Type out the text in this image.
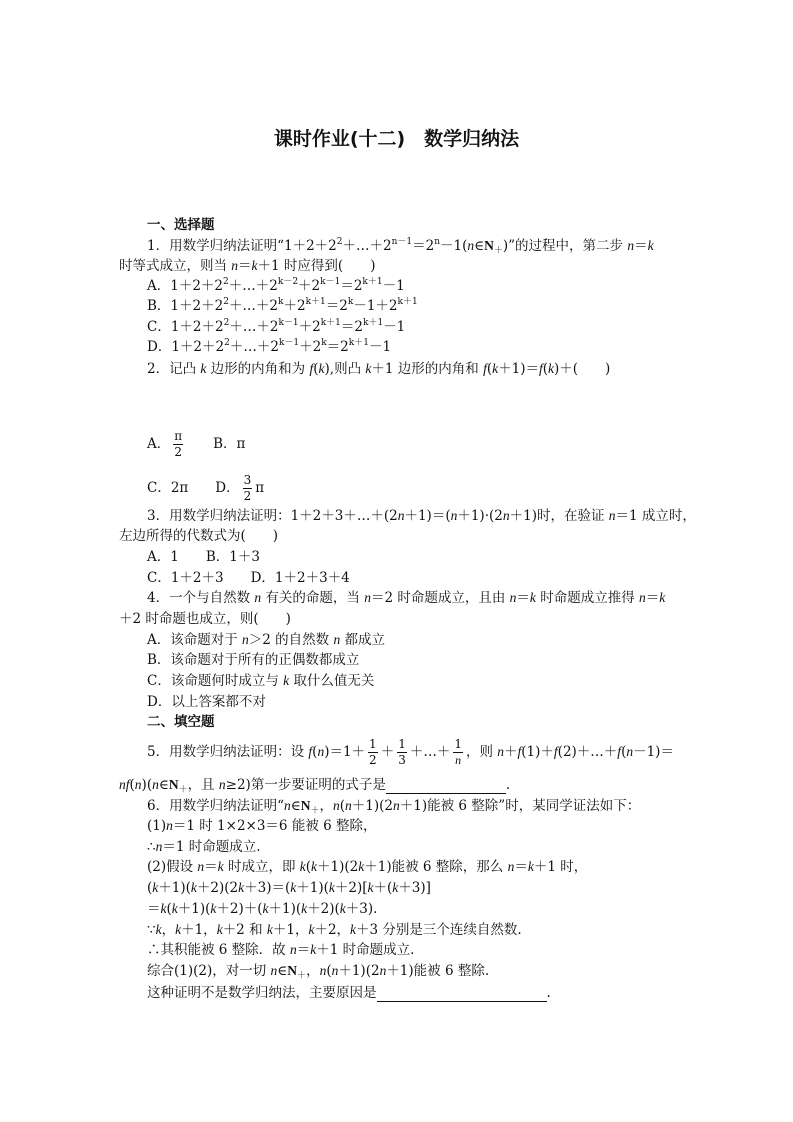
课时作业(十二)　数学归纳法
一、选择题
1．用数学归纳法证明“$1+2+2^2+\dots+2^{n-1}=2^n-1(n\in N_+)$”的过程中，第二步 n＝k
时等式成立，则当 n＝k＋1 时应得到(　　)
A．$1+2+2^2+\dots+2^{k-2}+2^{k-1}=2^{k+1}-1$
B．$1+2+2^2+\dots+2^k+2^{k+1}=2^k-1+2^{k+1}$
C．$1+2+2^2+\dots+2^{k-1}+2^{k+1}=2^{k+1}-1$
D．$1+2+2^2+\dots+2^{k-1}+2^k=2^{k+1}-1$
2．记凸 k 边形的内角和为 f(k),则凸 k＋1 边形的内角和 f(k＋1)＝f(k)＋(　　)
A． $\frac{\pi}{2}$ 　　B．π
C．2π　　D． $\frac{3}{2}$ π
3．用数学归纳法证明：1＋2＋3＋…＋(2n＋1)＝(n＋1)·(2n＋1)时，在验证 n＝1 成立时，
左边所得的代数式为(　　)
A．1　　B．1＋3
C．1＋2＋3　　D．1＋2＋3＋4
4．一个与自然数 n 有关的命题，当 n＝2 时命题成立，且由 n＝k 时命题成立推得 n＝k
＋2 时命题也成立，则(　　)
A．该命题对于 n＞2 的自然数 n 都成立
B．该命题对于所有的正偶数都成立
C．该命题何时成立与 k 取什么值无关
D．以上答案都不对
二、填空题
5．用数学归纳法证明：设 $f(n)=1+ \frac{1}{2} + \frac{1}{3}$ ＋…＋ $\frac{1}{n}$ ，则 n＋f(1)＋f(2)＋…＋f(n－1)＝
$nf(n)(n\in N_+$，且 n≥2)第一步要证明的式子是	.
6．用数学归纳法证明“$n\in N_+$，n(n＋1)(2n＋1)能被 6 整除”时，某同学证法如下：
(1)n＝1 时 1×2×3＝6 能被 6 整除，
∴n＝1 时命题成立.
(2)假设 n＝k 时成立，即 k(k＋1)(2k＋1)能被 6 整除，那么 n＝k＋1 时，
(k＋1)(k＋2)(2k＋3)＝(k＋1)(k＋2)[k＋(k＋3)]
＝k(k＋1)(k＋2)＋(k＋1)(k＋2)(k＋3).
∵k，k＋1，k＋2 和 k＋1，k＋2，k＋3 分别是三个连续自然数.
∴其积能被 6 整除．故 n＝k＋1 时命题成立.
综合(1)(2)，对一切 $n\in N_+$，n(n＋1)(2n＋1)能被 6 整除.
这种证明不是数学归纳法，主要原因是	.
